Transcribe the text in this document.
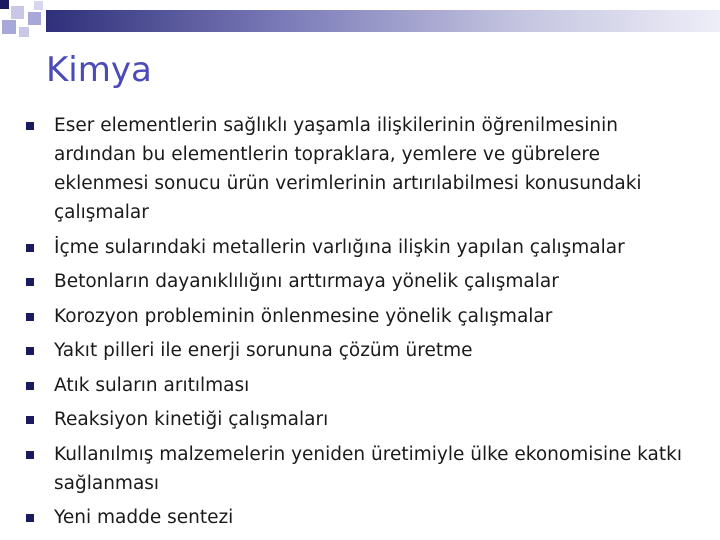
Kimya
Eser elementlerin sağlıklı yaşamla ilişkilerinin öğrenilmesinin ardından bu elementlerin topraklara, yemlere ve gübrelere eklenmesi sonucu ürün verimlerinin artırılabilmesi konusundaki çalışmalar
İçme sularındaki metallerin varlığına ilişkin yapılan çalışmalar
Betonların dayanıklılığını arttırmaya yönelik çalışmalar
Korozyon probleminin önlenmesine yönelik çalışmalar
Yakıt pilleri ile enerji sorununa çözüm üretme
Atık suların arıtılması
Reaksiyon kinetiği çalışmaları
Kullanılmış malzemelerin yeniden üretimiyle ülke ekonomisine katkı sağlanması
Yeni madde sentezi
